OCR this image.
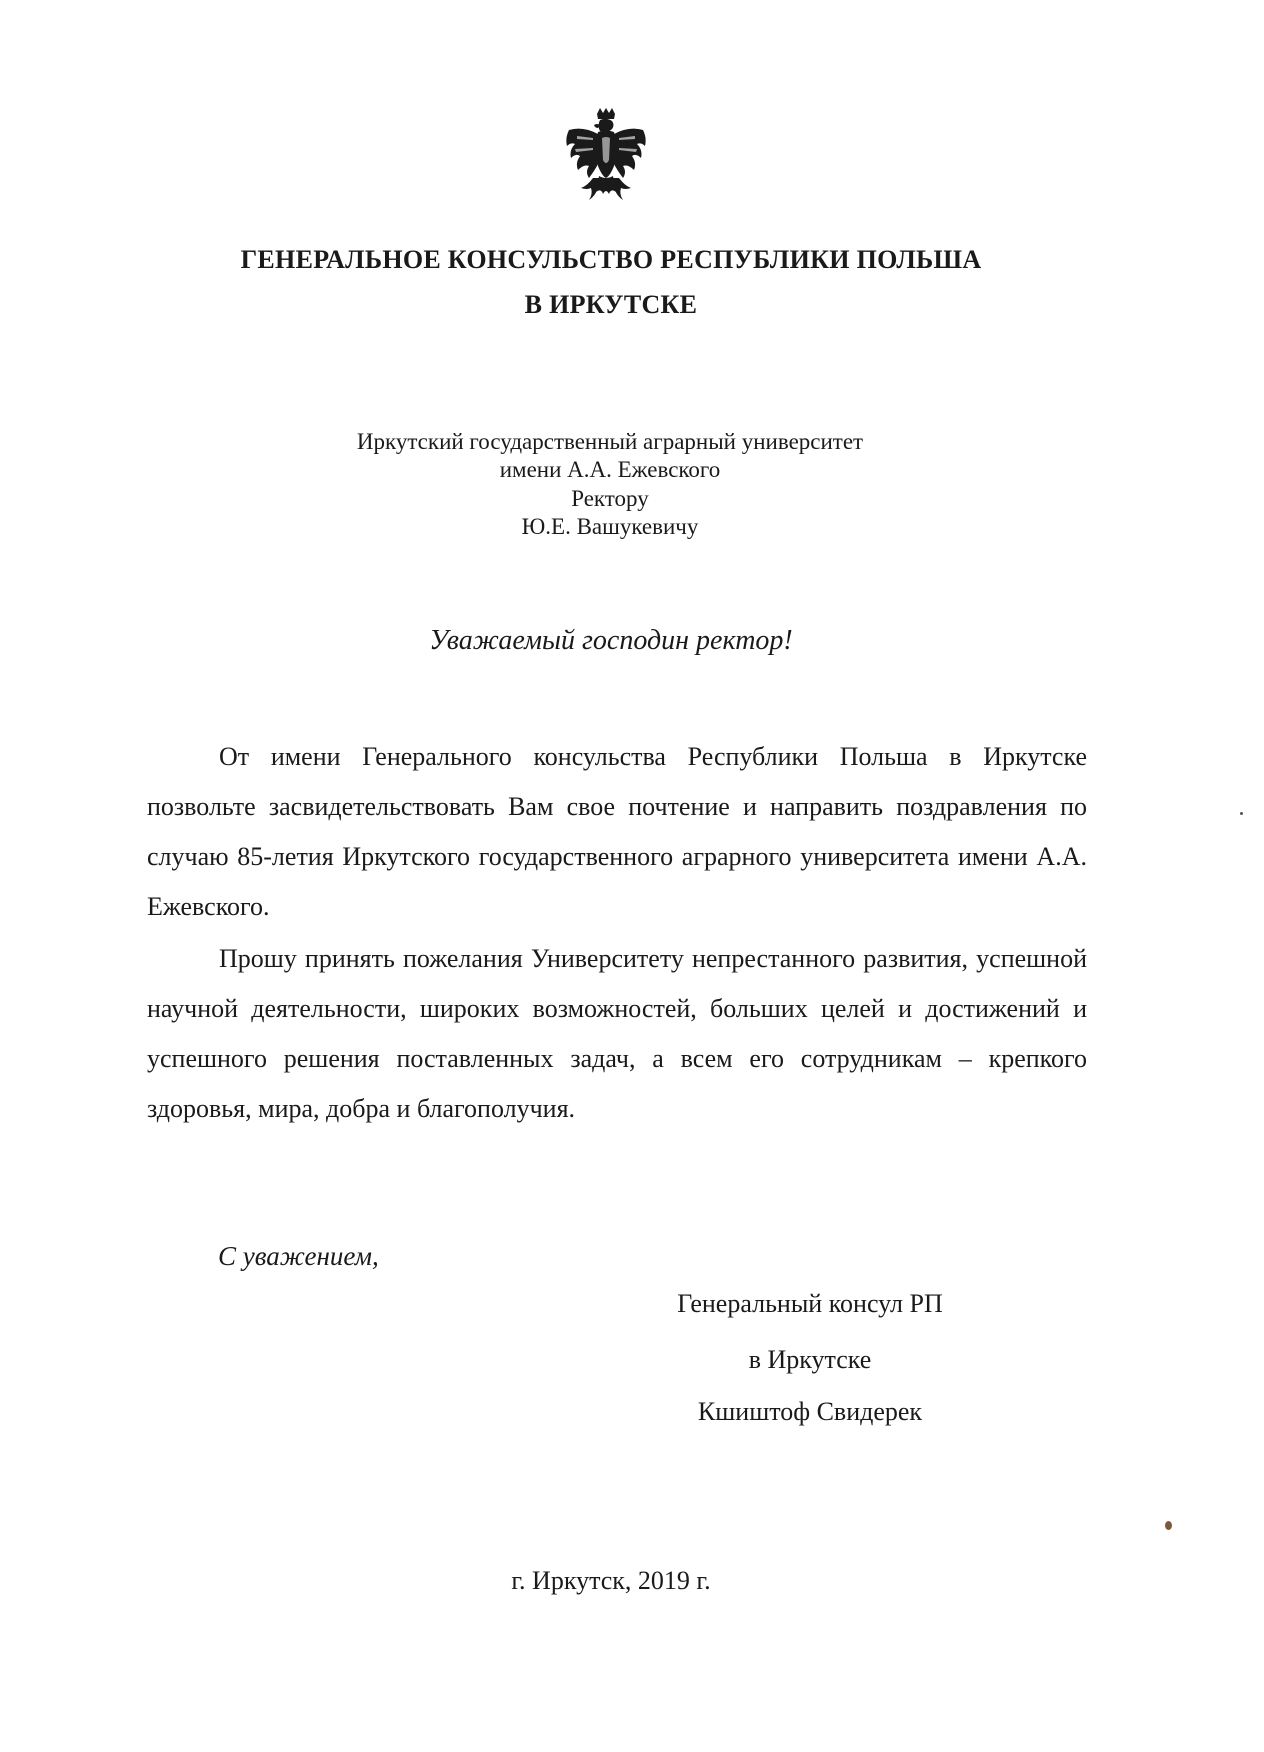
ГЕНЕРАЛЬНОЕ КОНСУЛЬСТВО РЕСПУБЛИКИ ПОЛЬША
В ИРКУТСКЕ
Иркутский государственный аграрный университет
имени А.А. Ежевского
Ректору
Ю.Е. Вашукевичу
Уважаемый господин ректор!
От имени Генерального консульства Республики Польша в Иркутске позвольте засвидетельствовать Вам свое почтение и направить поздравления по случаю 85-летия Иркутского государственного аграрного университета имени А.А. Ежевского.
Прошу принять пожелания Университету непрестанного развития, успешной научной деятельности, широких возможностей, больших целей и достижений и успешного решения поставленных задач, а всем его сотрудникам – крепкого здоровья, мира, добра и благополучия.
С уважением,
Генеральный консул РП
в Иркутске
Кшиштоф Свидерек
г. Иркутск, 2019 г.
